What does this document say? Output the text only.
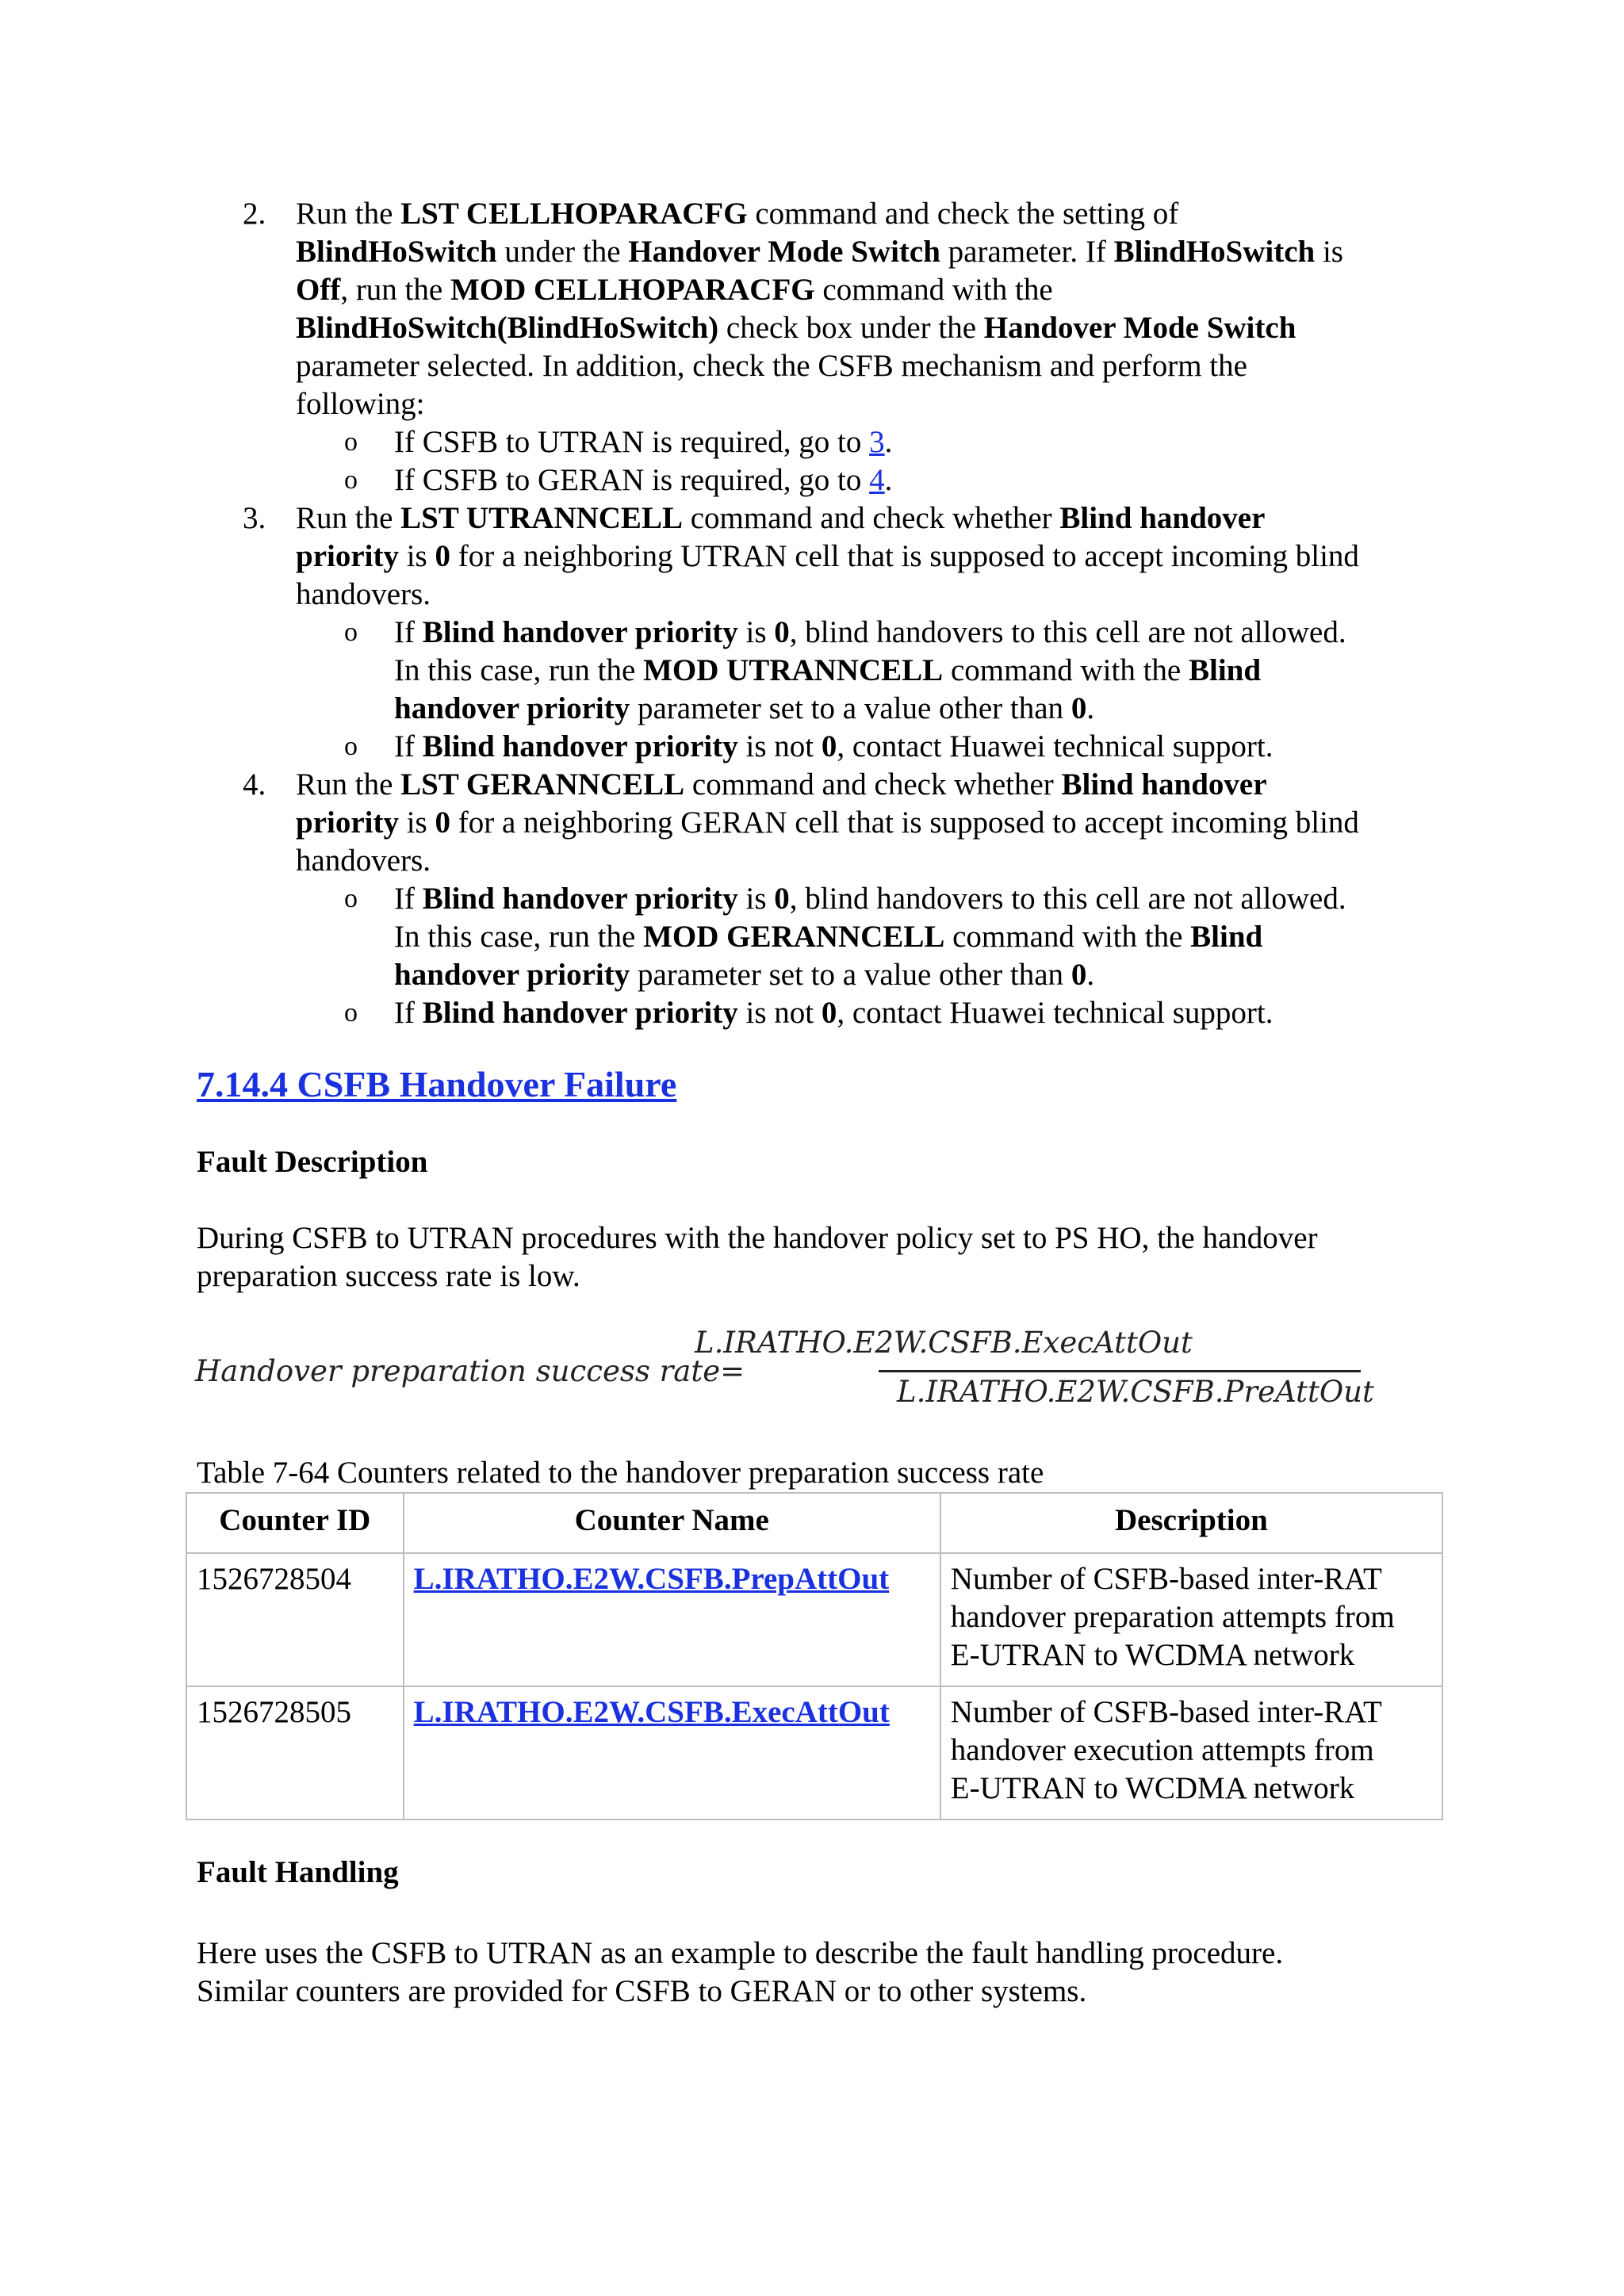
2. Run the LST CELLHOPARACFG command and check the setting of
BlindHoSwitch under the Handover Mode Switch parameter. If BlindHoSwitch is
Off, run the MOD CELLHOPARACFG command with the
BlindHoSwitch(BlindHoSwitch) check box under the Handover Mode Switch
parameter selected. In addition, check the CSFB mechanism and perform the
following:
o If CSFB to UTRAN is required, go to 3.
o If CSFB to GERAN is required, go to 4.
3. Run the LST UTRANNCELL command and check whether Blind handover
priority is 0 for a neighboring UTRAN cell that is supposed to accept incoming blind
handovers.
o If Blind handover priority is 0, blind handovers to this cell are not allowed.
In this case, run the MOD UTRANNCELL command with the Blind
handover priority parameter set to a value other than 0.
o If Blind handover priority is not 0, contact Huawei technical support.
4. Run the LST GERANNCELL command and check whether Blind handover
priority is 0 for a neighboring GERAN cell that is supposed to accept incoming blind
handovers.
o If Blind handover priority is 0, blind handovers to this cell are not allowed.
In this case, run the MOD GERANNCELL command with the Blind
handover priority parameter set to a value other than 0.
o If Blind handover priority is not 0, contact Huawei technical support.
7.14.4 CSFB Handover Failure
Fault Description
During CSFB to UTRAN procedures with the handover policy set to PS HO, the handover
preparation success rate is low.
Handover preparation success rate=
L.IRATHO.E2W.CSFB.ExecAttOut
L.IRATHO.E2W.CSFB.PreAttOut
Table 7-64 Counters related to the handover preparation success rate
Counter ID	Counter Name	Description
1526728504	L.IRATHO.E2W.CSFB.PrepAttOut	Number of CSFB-based inter-RAT
handover preparation attempts from
E-UTRAN to WCDMA network

1526728505	L.IRATHO.E2W.CSFB.ExecAttOut	Number of CSFB-based inter-RAT
handover execution attempts from
E-UTRAN to WCDMA network
Fault Handling
Here uses the CSFB to UTRAN as an example to describe the fault handling procedure.
Similar counters are provided for CSFB to GERAN or to other systems.
